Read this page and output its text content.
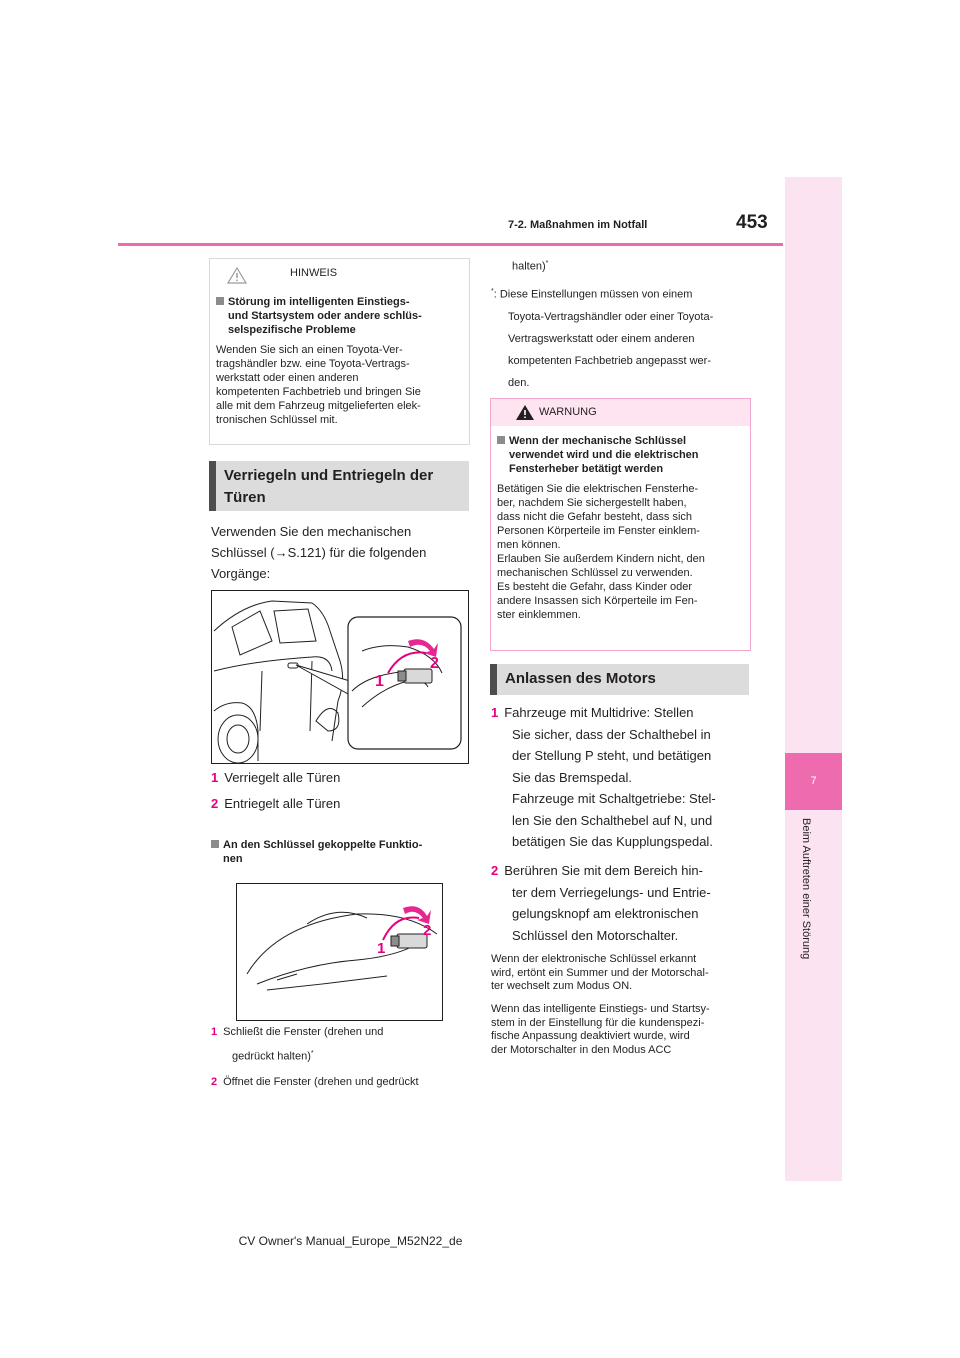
7
Beim Auftreten einer Störung
7-2. Maßnahmen im Notfall	453
HINWEIS
Störung im intelligenten Einstiegs-
und Startsystem oder andere schlüs-
selspezifische Probleme
Wenden Sie sich an einen Toyota-Ver-
tragshändler bzw. eine Toyota-Vertrags-
werkstatt oder einen anderen
kompetenten Fachbetrieb und bringen Sie
alle mit dem Fahrzeug mitgelieferten elek-
tronischen Schlüssel mit.
Verriegeln und Entriegeln der
Türen
Verwenden Sie den mechanischen
Schlüssel (→S.121) für die folgenden
Vorgänge:
1
2
1 Verriegelt alle Türen
2 Entriegelt alle Türen
An den Schlüssel gekoppelte Funktio-
nen
1
2
1 Schließt die Fenster (drehen und
gedrückt halten)*
2 Öffnet die Fenster (drehen und gedrückt
halten)*
*: Diese Einstellungen müssen von einem
Toyota-Vertragshändler oder einer Toyota-
Vertragswerkstatt oder einem anderen
kompetenten Fachbetrieb angepasst wer-
den.
WARNUNG
Wenn der mechanische Schlüssel
verwendet wird und die elektrischen
Fensterheber betätigt werden
Betätigen Sie die elektrischen Fensterhe-
ber, nachdem Sie sichergestellt haben,
dass nicht die Gefahr besteht, dass sich
Personen Körperteile im Fenster einklem-
men können.
Erlauben Sie außerdem Kindern nicht, den
mechanischen Schlüssel zu verwenden.
Es besteht die Gefahr, dass Kinder oder
andere Insassen sich Körperteile im Fen-
ster einklemmen.
Anlassen des Motors
1 Fahrzeuge mit Multidrive: Stellen
Sie sicher, dass der Schalthebel in
der Stellung P steht, und betätigen
Sie das Bremspedal.
Fahrzeuge mit Schaltgetriebe: Stel-
len Sie den Schalthebel auf N, und
betätigen Sie das Kupplungspedal.
2 Berühren Sie mit dem Bereich hin-
ter dem Verriegelungs- und Entrie-
gelungsknopf am elektronischen
Schlüssel den Motorschalter.
Wenn der elektronische Schlüssel erkannt
wird, ertönt ein Summer und der Motorschal-
ter wechselt zum Modus ON.
Wenn das intelligente Einstiegs- und Startsy-
stem in der Einstellung für die kundenspezi-
fische Anpassung deaktiviert wurde, wird
der Motorschalter in den Modus ACC
CV Owner's Manual_Europe_M52N22_de
